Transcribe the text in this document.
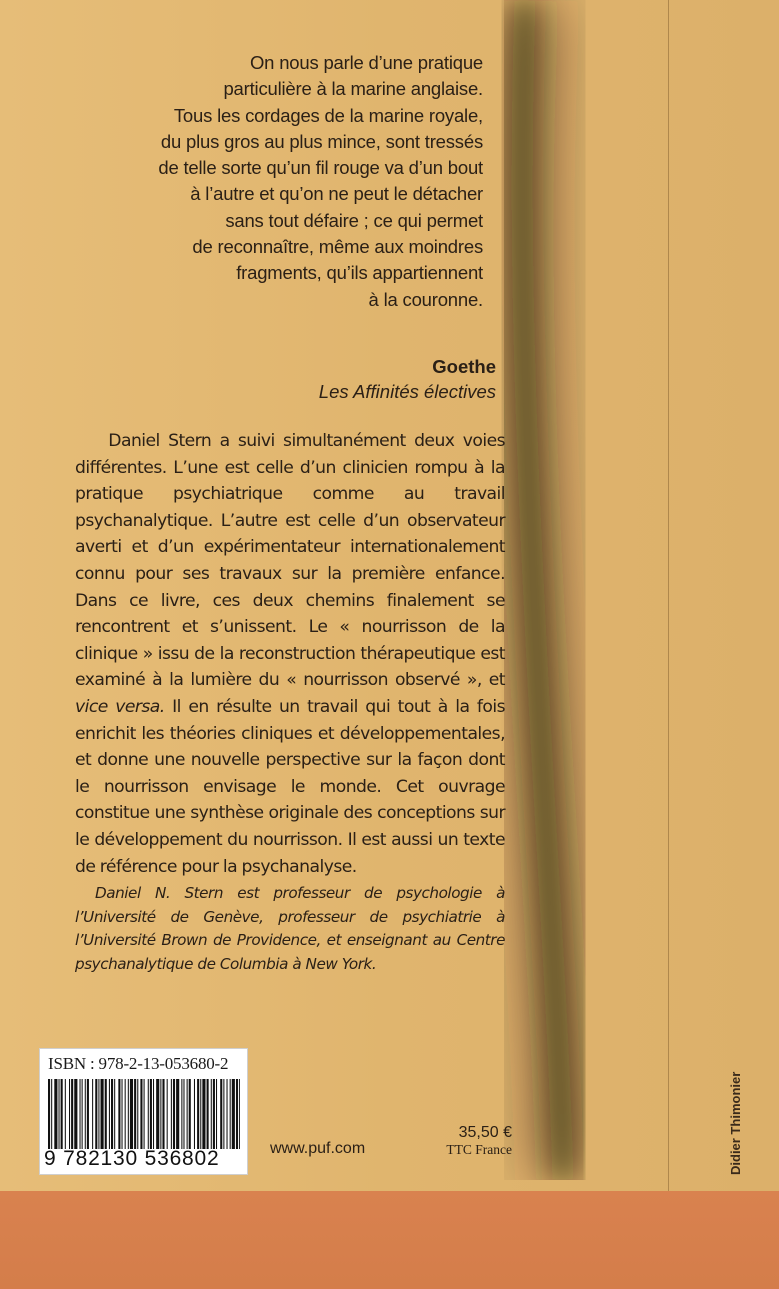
On nous parle d’une pratique
particulière à la marine anglaise.
Tous les cordages de la marine royale,
du plus gros au plus mince, sont tressés
de telle sorte qu’un fil rouge va d’un bout
à l’autre et qu’on ne peut le détacher
sans tout défaire ; ce qui permet
de reconnaître, même aux moindres
fragments, qu’ils appartiennent
à la couronne.
Goethe
Les Affinités électives

  Daniel Stern a suivi simultanément deux voies différentes. L’une est celle d’un clinicien rompu à la pratique psychiatrique comme au travail psychanalytique. L’autre est celle d’un observateur averti et d’un expérimentateur internationalement connu pour ses travaux sur la première enfance. Dans ce livre, ces deux chemins finalement se rencontrent et s’unissent. Le « nourrisson de la clinique » issu de la reconstruction thérapeutique est examiné à la lumière du « nourrisson observé », et vice versa. Il en résulte un travail qui tout à la fois enrichit les théories cliniques et développementales, et donne une nouvelle perspective sur la façon dont le nourrisson envisage le monde. Cet ouvrage constitue une synthèse originale des conceptions sur le développement du nourrisson. Il est aussi un texte de référence pour la psychanalyse.

Daniel N. Stern est professeur de psychologie à l’Université de Genève, professeur de psychiatrie à l’Université Brown de Providence, et enseignant au Centre psychanalytique de Columbia à New York.

ISBN : 978-2-13-053680-2
9 782130 536802	www.puf.com
35,50 €
TTC France	Didier Thimonier
